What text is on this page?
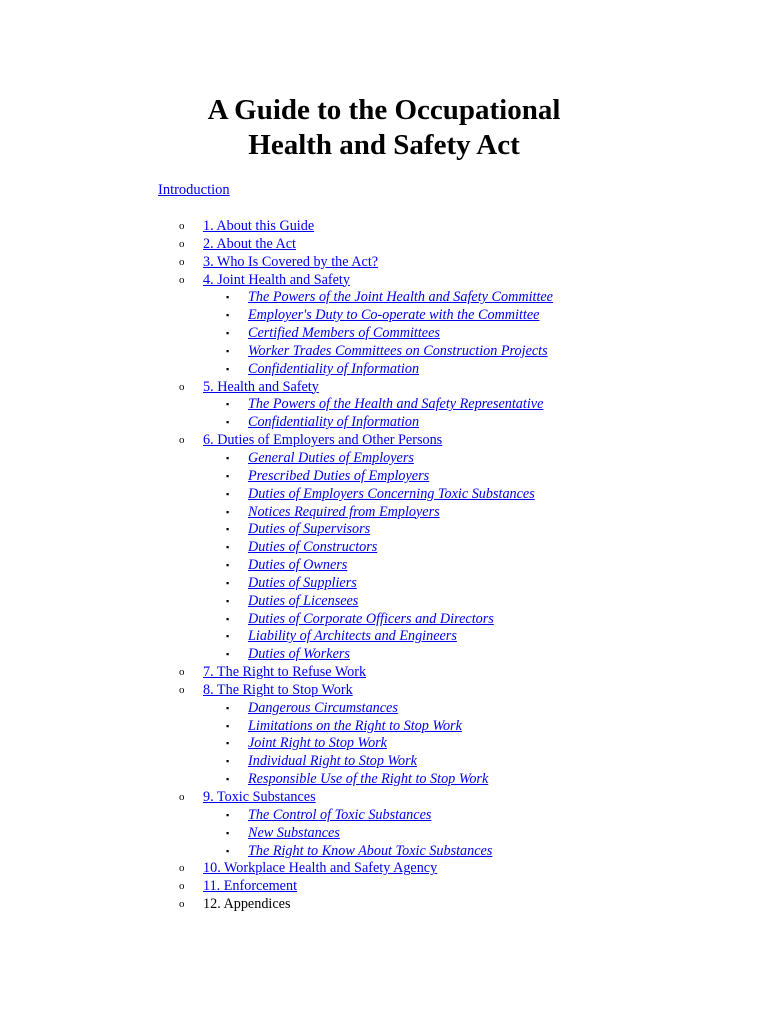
A Guide to the Occupational
Health and Safety Act
Introduction
o 1. About this Guide
o 2. About the Act
o 3. Who Is Covered by the Act?
o 4. Joint Health and Safety
▪ The Powers of the Joint Health and Safety Committee
▪ Employer's Duty to Co-operate with the Committee
▪ Certified Members of Committees
▪ Worker Trades Committees on Construction Projects
▪ Confidentiality of Information
o 5. Health and Safety
▪ The Powers of the Health and Safety Representative
▪ Confidentiality of Information
o 6. Duties of Employers and Other Persons
▪ General Duties of Employers
▪ Prescribed Duties of Employers
▪ Duties of Employers Concerning Toxic Substances
▪ Notices Required from Employers
▪ Duties of Supervisors
▪ Duties of Constructors
▪ Duties of Owners
▪ Duties of Suppliers
▪ Duties of Licensees
▪ Duties of Corporate Officers and Directors
▪ Liability of Architects and Engineers
▪ Duties of Workers
o 7. The Right to Refuse Work
o 8. The Right to Stop Work
▪ Dangerous Circumstances
▪ Limitations on the Right to Stop Work
▪ Joint Right to Stop Work
▪ Individual Right to Stop Work
▪ Responsible Use of the Right to Stop Work
o 9. Toxic Substances
▪ The Control of Toxic Substances
▪ New Substances
▪ The Right to Know About Toxic Substances
o 10. Workplace Health and Safety Agency
o 11. Enforcement
o 12. Appendices
